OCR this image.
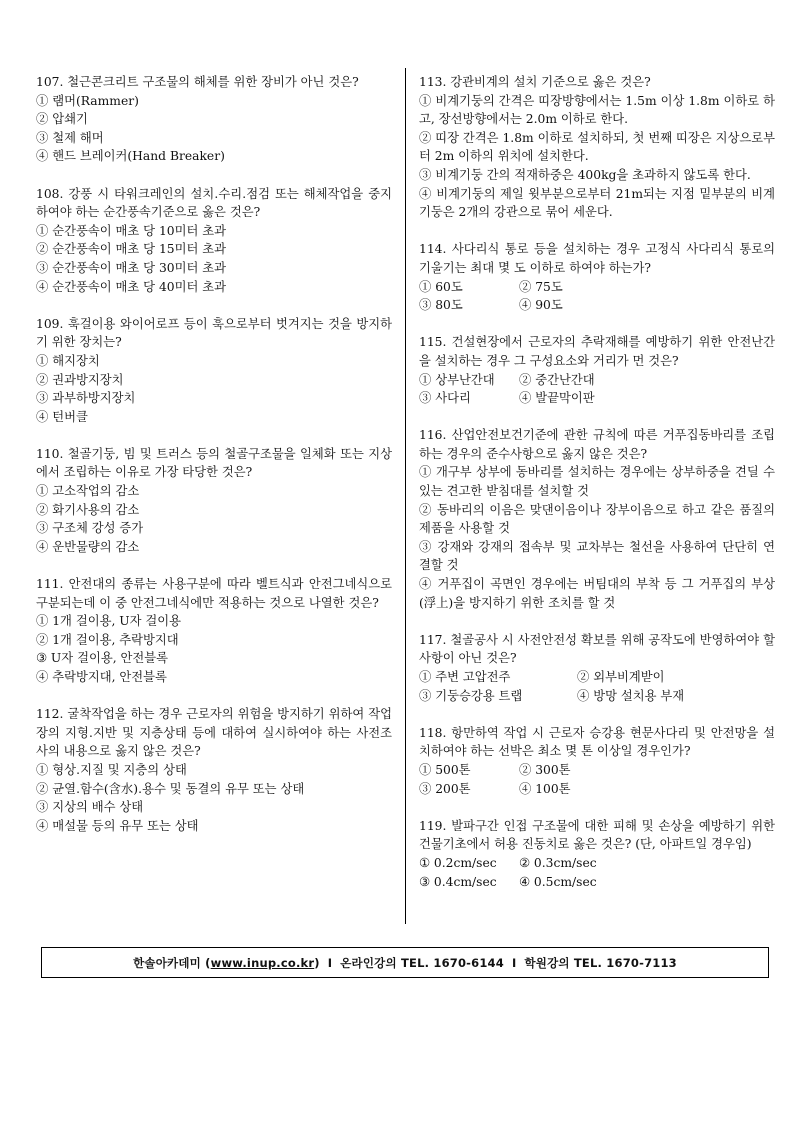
107. 철근콘크리트 구조물의 해체를 위한 장비가 아닌 것은?
① 램머(Rammer)
② 압쇄기
③ 철제 해머
④ 핸드 브레이커(Hand Breaker)
108. 강풍 시 타워크레인의 설치․수리․점검 또는 해체작업을 중지하여야 하는 순간풍속기준으로 옳은 것은?
① 순간풍속이 매초 당 10미터 초과
② 순간풍속이 매초 당 15미터 초과
③ 순간풍속이 매초 당 30미터 초과
④ 순간풍속이 매초 당 40미터 초과
109. 훅걸이용 와이어로프 등이 훅으로부터 벗겨지는 것을 방지하기 위한 장치는?
① 해지장치
② 권과방지장치
③ 과부하방지장치
④ 턴버클
110. 철골기둥, 빔 및 트러스 등의 철골구조물을 일체화 또는 지상에서 조립하는 이유로 가장 타당한 것은?
① 고소작업의 감소
② 화기사용의 감소
③ 구조체 강성 증가
④ 운반물량의 감소
111. 안전대의 종류는 사용구분에 따라 벨트식과 안전그네식으로 구분되는데 이 중 안전그네식에만 적용하는 것으로 나열한 것은?
① 1개 걸이용, U자 걸이용
② 1개 걸이용, 추락방지대
③ U자 걸이용, 안전블록
④ 추락방지대, 안전블록
112. 굴착작업을 하는 경우 근로자의 위험을 방지하기 위하여 작업장의 지형․지반 및 지층상태 등에 대하여 실시하여야 하는 사전조사의 내용으로 옳지 않은 것은?
① 형상․지질 및 지층의 상태
② 균열․함수(含水)․용수 및 동결의 유무 또는 상태
③ 지상의 배수 상태
④ 매설물 등의 유무 또는 상태
113. 강관비계의 설치 기준으로 옳은 것은?
① 비계기둥의 간격은 띠장방향에서는 1.5m 이상 1.8m 이하로 하고, 장선방향에서는 2.0m 이하로 한다.
② 띠장 간격은 1.8m 이하로 설치하되, 첫 번째 띠장은 지상으로부터 2m 이하의 위치에 설치한다.
③ 비계기둥 간의 적재하중은 400kg을 초과하지 않도록 한다.
④ 비계기둥의 제일 윗부분으로부터 21m되는 지점 밑부분의 비계기둥은 2개의 강관으로 묶어 세운다.
114. 사다리식 통로 등을 설치하는 경우 고정식 사다리식 통로의 기울기는 최대 몇 도 이하로 하여야 하는가?
① 60도	② 75도
③ 80도	④ 90도
115. 건설현장에서 근로자의 추락재해를 예방하기 위한 안전난간을 설치하는 경우 그 구성요소와 거리가 먼 것은?
① 상부난간대	② 중간난간대
③ 사다리	④ 발끝막이판
116. 산업안전보건기준에 관한 규칙에 따른 거푸집동바리를 조립하는 경우의 준수사항으로 옳지 않은 것은?
① 개구부 상부에 동바리를 설치하는 경우에는 상부하중을 견딜 수 있는 견고한 받침대를 설치할 것
② 동바리의 이음은 맞댄이음이나 장부이음으로 하고 같은 품질의 제품을 사용할 것
③ 강재와 강재의 접속부 및 교차부는 철선을 사용하여 단단히 연결할 것
④ 거푸집이 곡면인 경우에는 버팀대의 부착 등 그 거푸집의 부상(浮上)을 방지하기 위한 조치를 할 것
117. 철골공사 시 사전안전성 확보를 위해 공작도에 반영하여야 할 사항이 아닌 것은?
① 주변 고압전주	② 외부비계받이
③ 기둥승강용 트랩	④ 방망 설치용 부재
118. 항만하역 작업 시 근로자 승강용 현문사다리 및 안전망을 설치하여야 하는 선박은 최소 몇 톤 이상일 경우인가?
① 500톤	② 300톤
③ 200톤	④ 100톤
119. 발파구간 인접 구조물에 대한 피해 및 손상을 예방하기 위한 건물기초에서 허용 진동치로 옳은 것은? (단, 아파트일 경우임)
① 0.2cm/sec	② 0.3cm/sec
③ 0.4cm/sec	④ 0.5cm/sec
한솔아카데미 ( www.inup.co.kr ) I 온라인강의 TEL. 1670-6144 I 학원강의 TEL. 1670-7113
